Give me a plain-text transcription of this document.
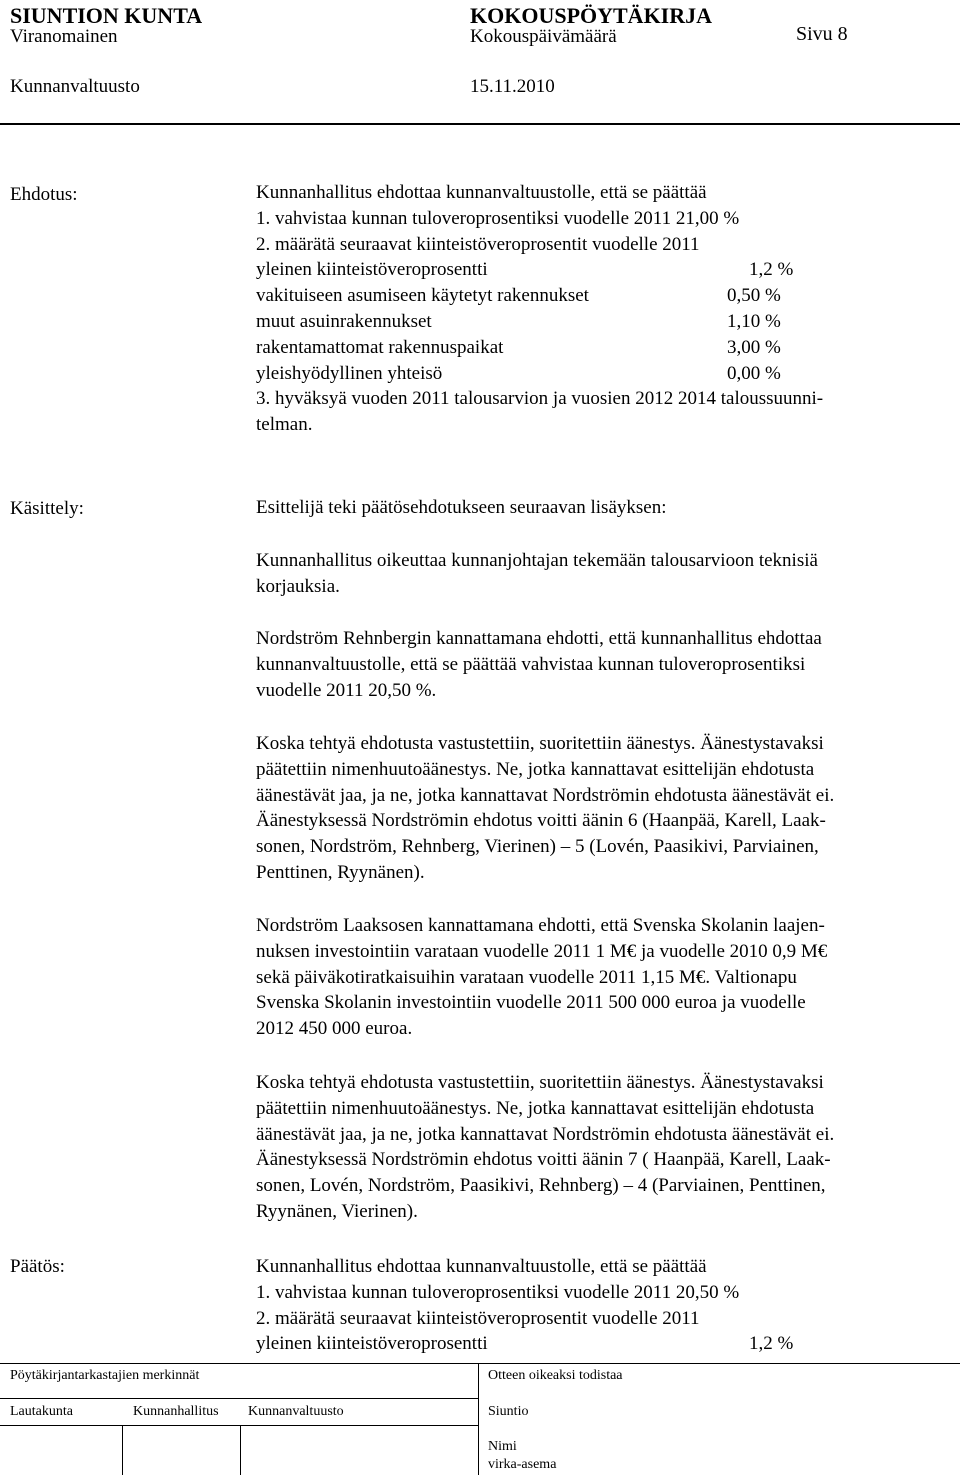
SIUNTION KUNTA	KOKOUSPÖYTÄKIRJA
Viranomainen	Kokouspäivämäärä	Sivu 8
Kunnanvaltuusto	15.11.2010
Ehdotus:	Kunnanhallitus ehdottaa kunnanvaltuustolle, että se päättää
1. vahvistaa kunnan tuloveroprosentiksi vuodelle 2011 21,00 %
2. määrätä seuraavat kiinteistöveroprosentit vuodelle 2011
yleinen kiinteistöveroprosentti	1,2 %
vakituiseen asumiseen käytetyt rakennukset	0,50 %
muut asuinrakennukset	1,10 %
rakentamattomat rakennuspaikat	3,00 %
yleishyödyllinen yhteisö	0,00 %
3. hyväksyä vuoden 2011 talousarvion ja vuosien 2012 2014 taloussuunni-
telman.
Käsittely:	Esittelijä teki päätösehdotukseen seuraavan lisäyksen:
Kunnanhallitus oikeuttaa kunnanjohtajan tekemään talousarvioon teknisiä
korjauksia.
Nordström Rehnbergin kannattamana ehdotti, että kunnanhallitus ehdottaa
kunnanvaltuustolle, että se päättää vahvistaa kunnan tuloveroprosentiksi
vuodelle 2011 20,50 %.
Koska tehtyä ehdotusta vastustettiin, suoritettiin äänestys. Äänestystavaksi
päätettiin nimenhuutoäänestys. Ne, jotka kannattavat esittelijän ehdotusta
äänestävät jaa, ja ne, jotka kannattavat Nordströmin ehdotusta äänestävät ei.
Äänestyksessä Nordströmin ehdotus voitti äänin 6 (Haanpää, Karell, Laak-
sonen, Nordström, Rehnberg, Vierinen) – 5 (Lovén, Paasikivi, Parviainen,
Penttinen, Ryynänen).
Nordström Laaksosen kannattamana ehdotti, että Svenska Skolanin laajen-
nuksen investointiin varataan vuodelle 2011 1 M€ ja vuodelle 2010 0,9 M€
sekä päiväkotiratkaisuihin varataan vuodelle 2011 1,15 M€. Valtionapu
Svenska Skolanin investointiin vuodelle 2011 500 000 euroa ja vuodelle
2012 450 000 euroa.
Koska tehtyä ehdotusta vastustettiin, suoritettiin äänestys. Äänestystavaksi
päätettiin nimenhuutoäänestys. Ne, jotka kannattavat esittelijän ehdotusta
äänestävät jaa, ja ne, jotka kannattavat Nordströmin ehdotusta äänestävät ei.
Äänestyksessä Nordströmin ehdotus voitti äänin 7 ( Haanpää, Karell, Laak-
sonen, Lovén, Nordström, Paasikivi, Rehnberg) – 4 (Parviainen, Penttinen,
Ryynänen, Vierinen).
Päätös:	Kunnanhallitus ehdottaa kunnanvaltuustolle, että se päättää
1. vahvistaa kunnan tuloveroprosentiksi vuodelle 2011 20,50 %
2. määrätä seuraavat kiinteistöveroprosentit vuodelle 2011
yleinen kiinteistöveroprosentti	1,2 %
Pöytäkirjantarkastajien merkinnät
Lautakunta	Kunnanhallitus Kunnanvaltuusto
Otteen oikeaksi todistaa
Siuntio
Nimi
virka-asema
